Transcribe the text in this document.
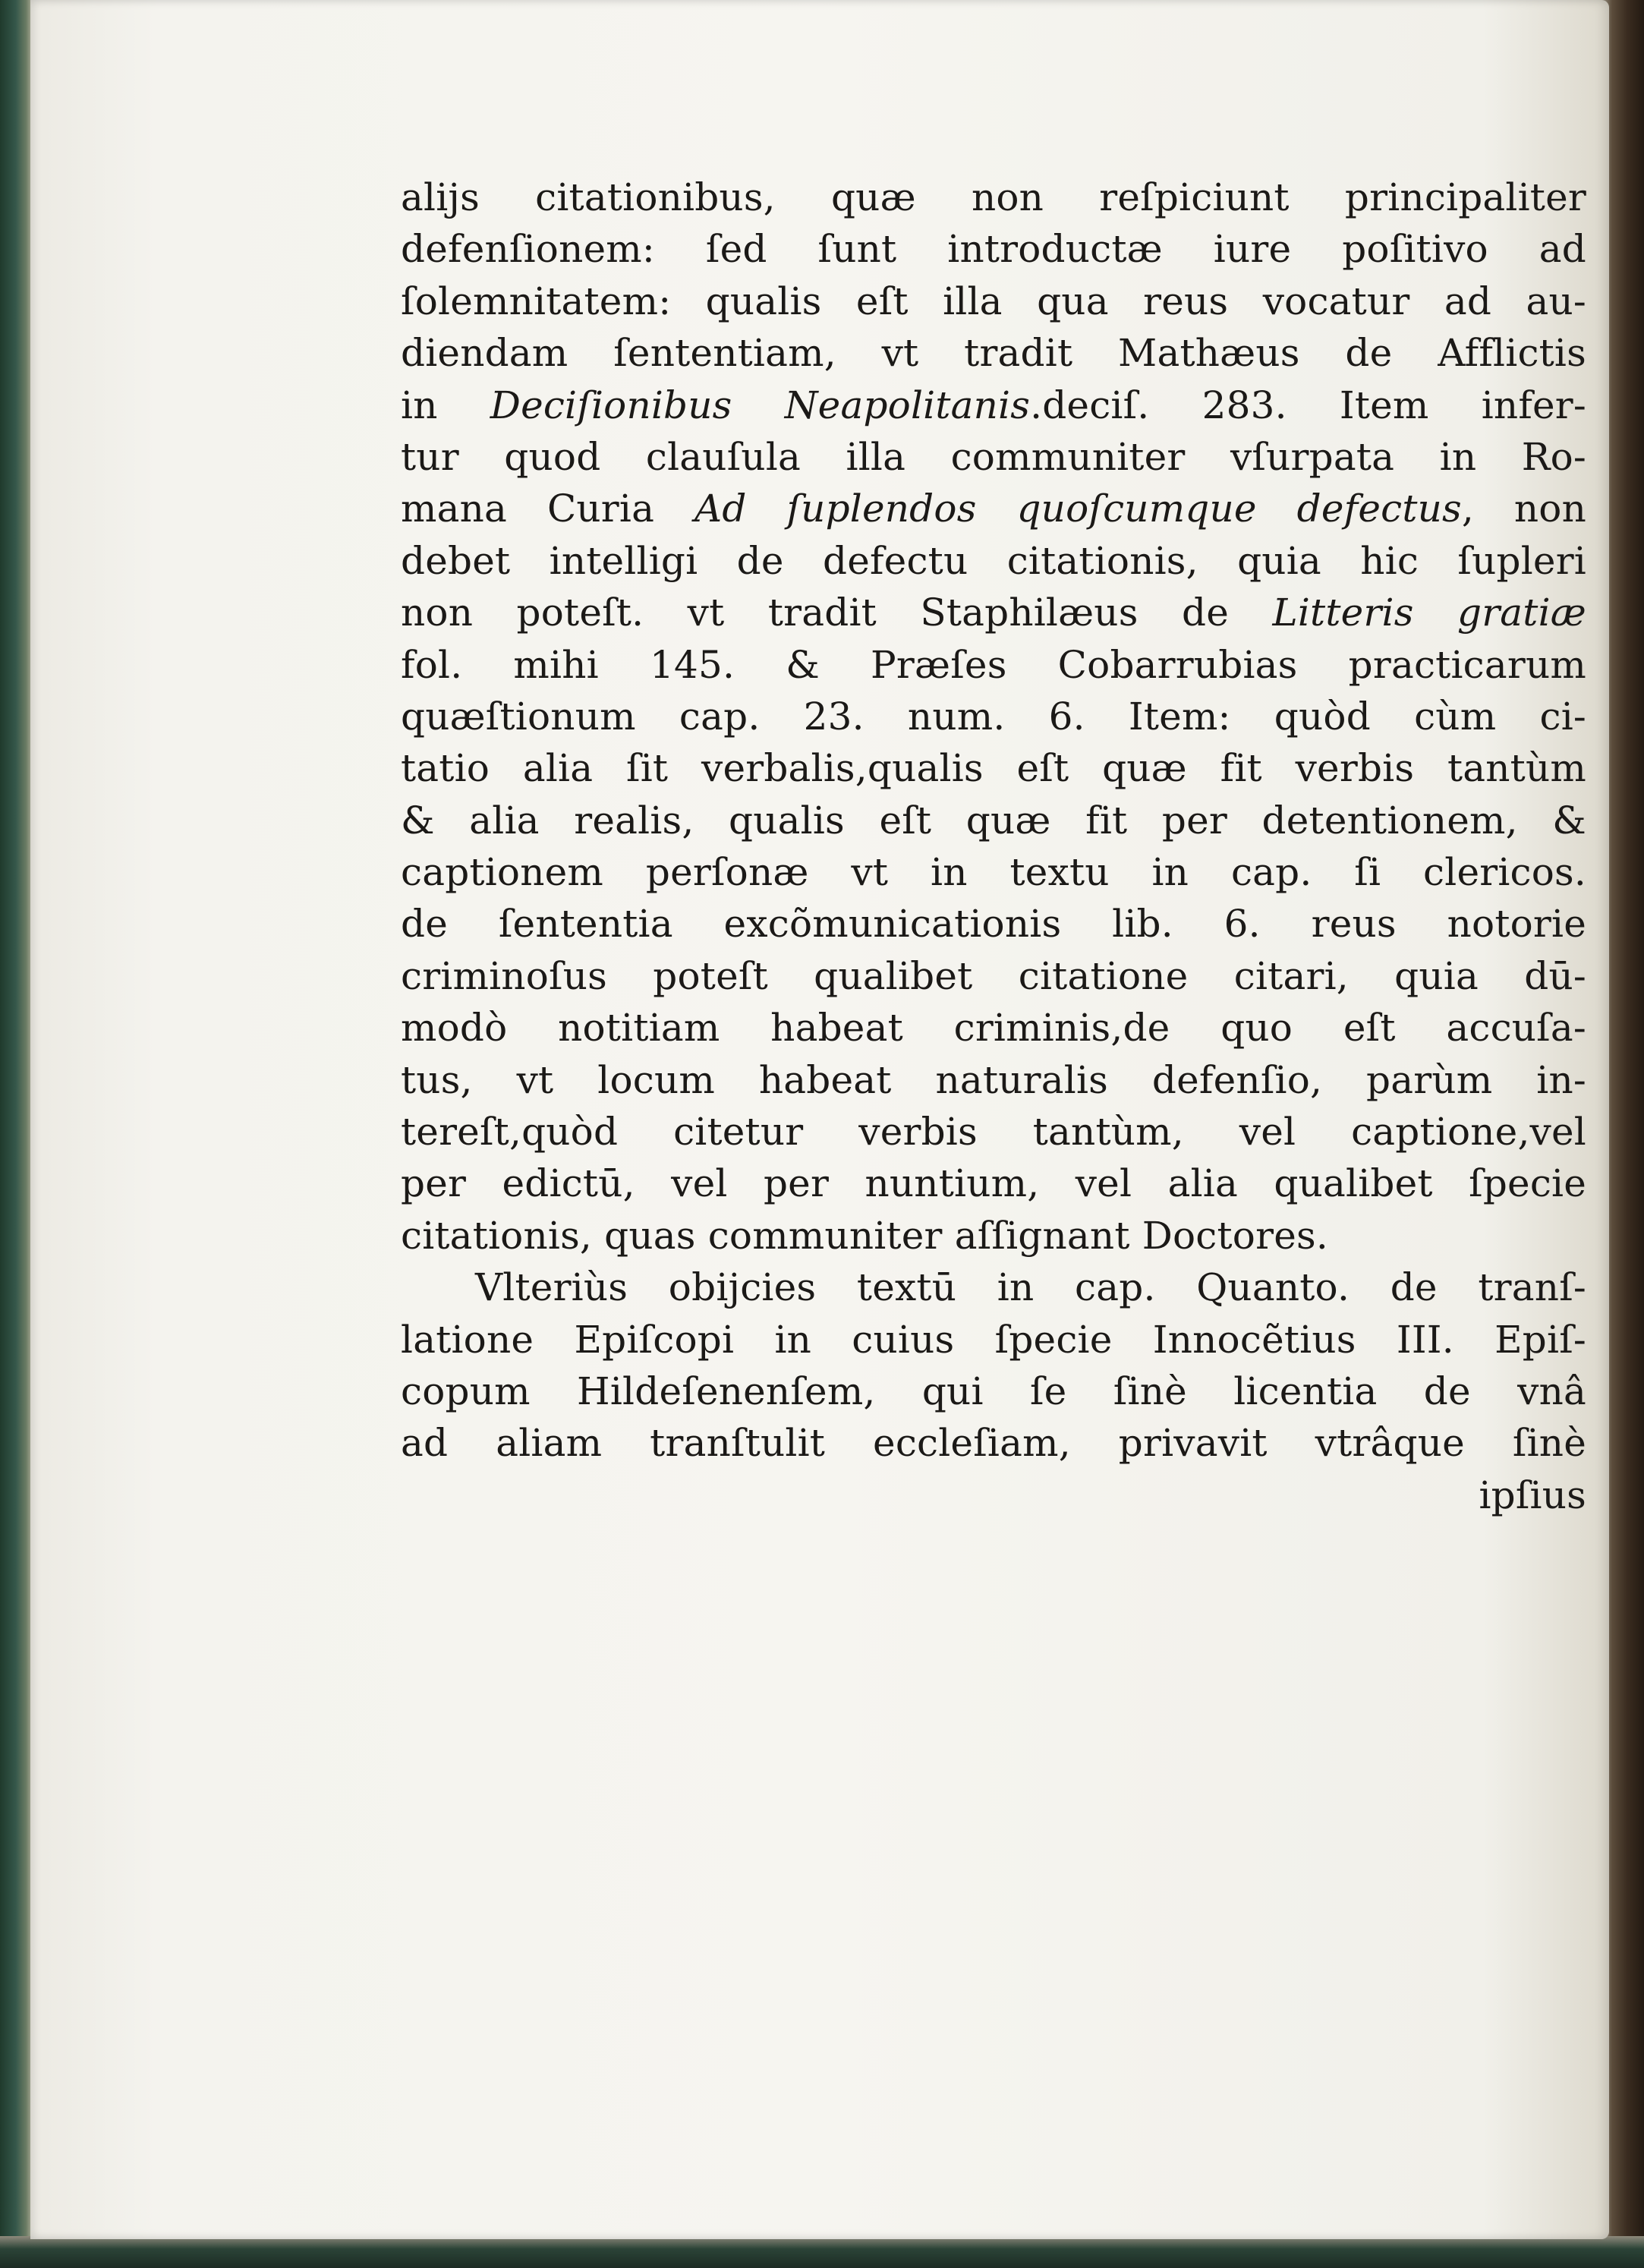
alijs citationibus, quæ non reſpiciunt principaliter
defenſionem: ſed ſunt introductæ iure poſitivo ad
ſolemnitatem: qualis eſt illa qua reus vocatur ad au-
diendam ſententiam, vt tradit Mathæus de Afflictis
in Deciſionibus Neapolitanis.deciſ. 283. Item infer-
tur quod clauſula illa communiter vſurpata in Ro-
mana Curia Ad ſuplendos quoſcumque defectus, non
debet intelligi de defectu citationis, quia hic ſupleri
non poteſt. vt tradit Staphilæus de Litteris gratiæ
fol. mihi 145. & Præſes Cobarrubias practicarum
quæſtionum cap. 23. num. 6. Item: quòd cùm ci-
tatio alia ſit verbalis,qualis eſt quæ fit verbis tantùm
& alia realis, qualis eſt quæ fit per detentionem, &
captionem perſonæ vt in textu in cap. ſi clericos.
de ſententia excõmunicationis lib. 6. reus notorie
criminoſus poteſt qualibet citatione citari, quia dū-
modò notitiam habeat criminis,de quo eſt accuſa-
tus, vt locum habeat naturalis defenſio, parùm in-
tereſt,quòd citetur verbis tantùm, vel captione,vel
per edictū, vel per nuntium, vel alia qualibet ſpecie
citationis, quas communiter aſſignant Doctores.
Vlteriùs obijcies textū in cap. Quanto. de tranſ-
latione Epiſcopi in cuius ſpecie Innocẽtius III. Epiſ-
copum Hildeſenenſem, qui ſe ſinè licentia de vnâ
ad aliam tranſtulit eccleſiam, privavit vtrâque ſinè
ipſius
